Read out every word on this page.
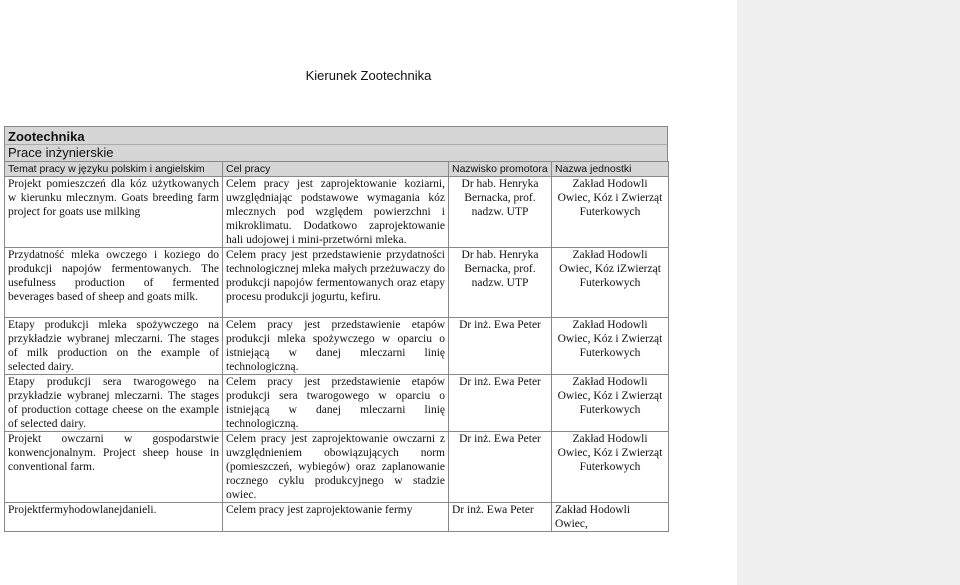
Kierunek Zootechnika
Zootechnika
Prace inżynierskie
Temat pracy w języku polskim i angielskim	Cel pracy	Nazwisko promotora	Nazwa jednostki
Projekt pomieszczeń dla kóz użytkowanych w kierunku mlecznym. Goats breeding farm project for goats use milking	Celem pracy jest zaprojektowanie koziarni, uwzględniając podstawowe wymagania kóz mlecznych pod względem powierzchni i mikroklimatu. Dodatkowo zaprojektowanie hali udojowej i mini-przetwórni mleka.	Dr hab. Henryka Bernacka, prof. nadzw. UTP	Zakład Hodowli Owiec, Kóz i Zwierząt Futerkowych
Przydatność mleka owczego i koziego do produkcji napojów fermentowanych. The usefulness production of fermented beverages based of sheep and goats milk.	Celem pracy jest przedstawienie przydatności technologicznej mleka małych przeżuwaczy do produkcji napojów fermentowanych oraz etapy procesu produkcji jogurtu, kefiru.	Dr hab. Henryka Bernacka, prof. nadzw. UTP	Zakład Hodowli Owiec, Kóz iZwierząt Futerkowych
Etapy produkcji mleka spożywczego na przykładzie wybranej mleczarni. The stages of milk production on the example of selected dairy.	Celem pracy jest przedstawienie etapów produkcji mleka spożywczego w oparciu o istniejącą w danej mleczarni linię technologiczną.	Dr inż. Ewa Peter	Zakład Hodowli Owiec, Kóz i Zwierząt Futerkowych
Etapy produkcji sera twarogowego na przykładzie wybranej mleczarni. The stages of production cottage cheese on the example of selected dairy.	Celem pracy jest przedstawienie etapów produkcji sera twarogowego w oparciu o istniejącą w danej mleczarni linię technologiczną.	Dr inż. Ewa Peter	Zakład Hodowli Owiec, Kóz i Zwierząt Futerkowych
Projekt owczarni w gospodarstwie konwencjonalnym. Project sheep house in conventional farm.	Celem pracy jest zaprojektowanie owczarni z uwzględnieniem obowiązujących norm (pomieszczeń, wybiegów) oraz zaplanowanie rocznego cyklu produkcyjnego w stadzie owiec.	Dr inż. Ewa Peter	Zakład Hodowli Owiec, Kóz i Zwierząt Futerkowych
Projektfermyhodowlanejdanieli.	Celem pracy jest zaprojektowanie fermy	Dr inż. Ewa Peter	Zakład Hodowli Owiec,
